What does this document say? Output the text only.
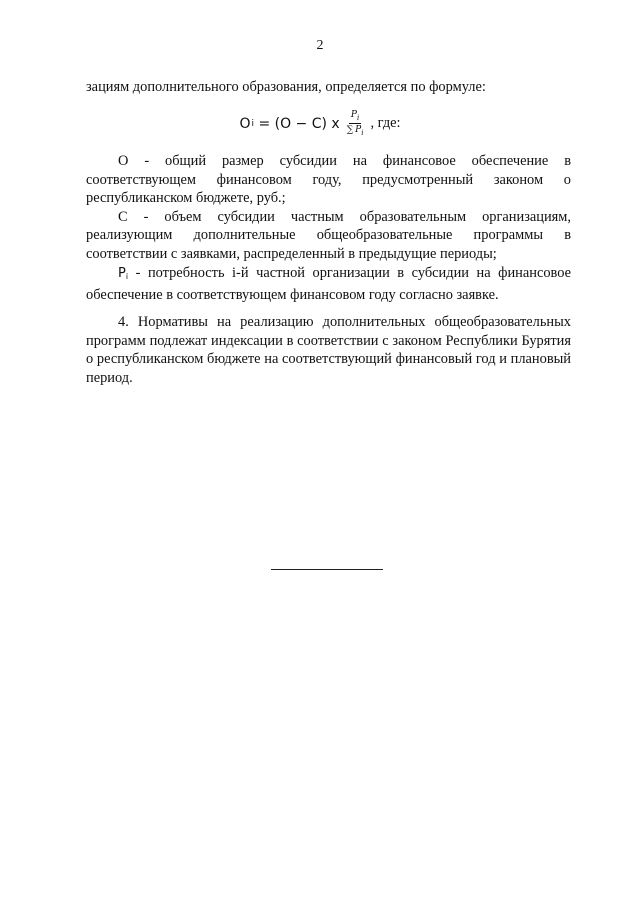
2

зациям дополнительного образования, определяется по формуле:

O i
= (O − C) x $\frac{P_i}{\sum P_i}$ , где:

O - общий размер субсидии на финансовое обеспечение в соответствующем финансовом году, предусмотренный законом о республиканском бюджете, руб.;

C - объем субсидии частным образовательным организациям, реализующим дополнительные общеобразовательные программы в соответствии с заявками, распределенный в предыдущие периоды;

$P_i$ - потребность i-й частной организации в субсидии на финансовое обеспечение в соответствующем финансовом году согласно заявке.

4. Нормативы на реализацию дополнительных общеобразовательных программ подлежат индексации в соответствии с законом Республики Бурятия о республиканском бюджете на соответствующий финансовый год и плановый период.
